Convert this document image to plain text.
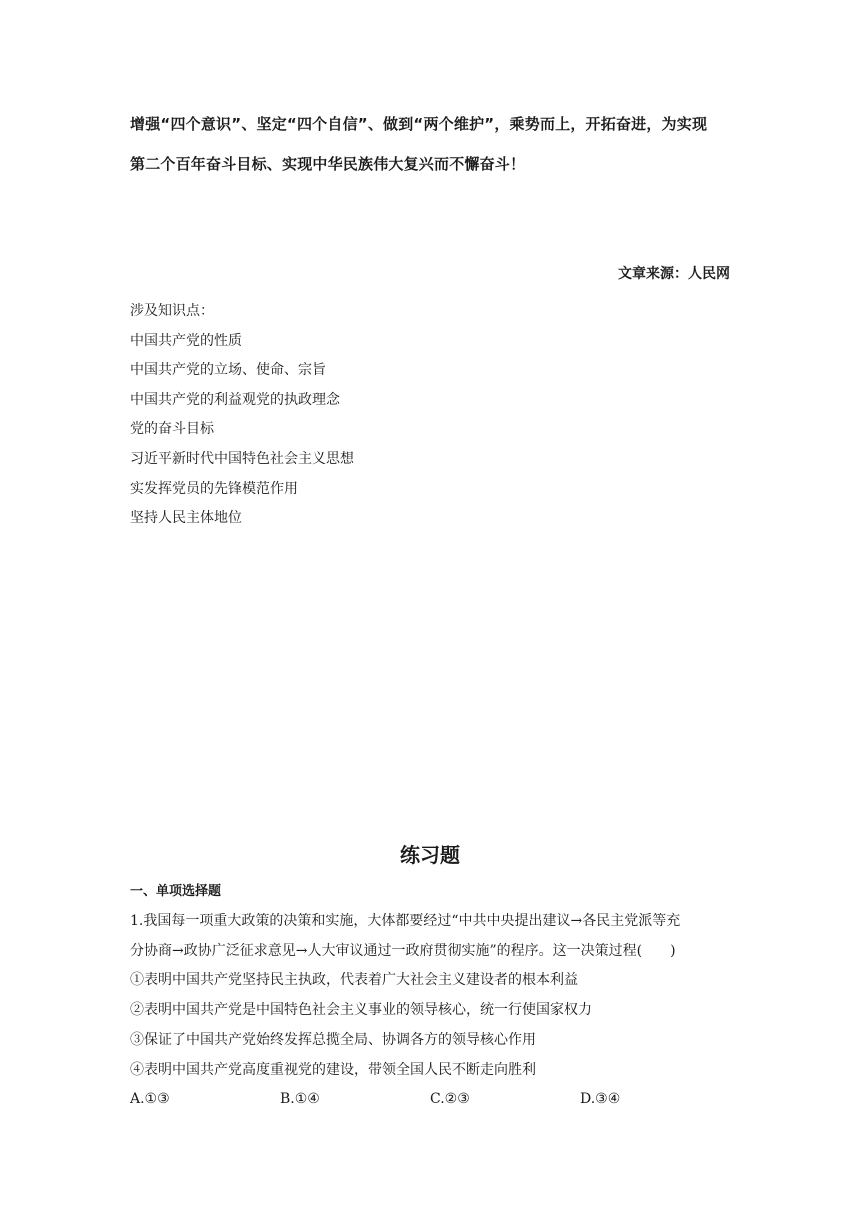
增强“四个意识”、坚定“四个自信”、做到“两个维护”，乘势而上，开拓奋进，为实现

第二个百年奋斗目标、实现中华民族伟大复兴而不懈奋斗！

文章来源：人民网
涉及知识点：
中国共产党的性质
中国共产党的立场、使命、宗旨
中国共产党的利益观党的执政理念
党的奋斗目标
习近平新时代中国特色社会主义思想
实发挥党员的先锋模范作用
坚持人民主体地位
练习题
一、单项选择题
1.我国每一项重大政策的决策和实施，大体都要经过“中共中央提出建议→各民主党派等充
分协商→政协广泛征求意见→人大审议通过一政府贯彻实施”的程序。这一决策过程(　　)
①表明中国共产党坚持民主执政，代表着广大社会主义建设者的根本利益
②表明中国共产党是中国特色社会主义事业的领导核心，统一行使国家权力
③保证了中国共产党始终发挥总揽全局、协调各方的领导核心作用
④表明中国共产党高度重视党的建设，带领全国人民不断走向胜利
A.①③	B.①④	C.②③	D.③④
